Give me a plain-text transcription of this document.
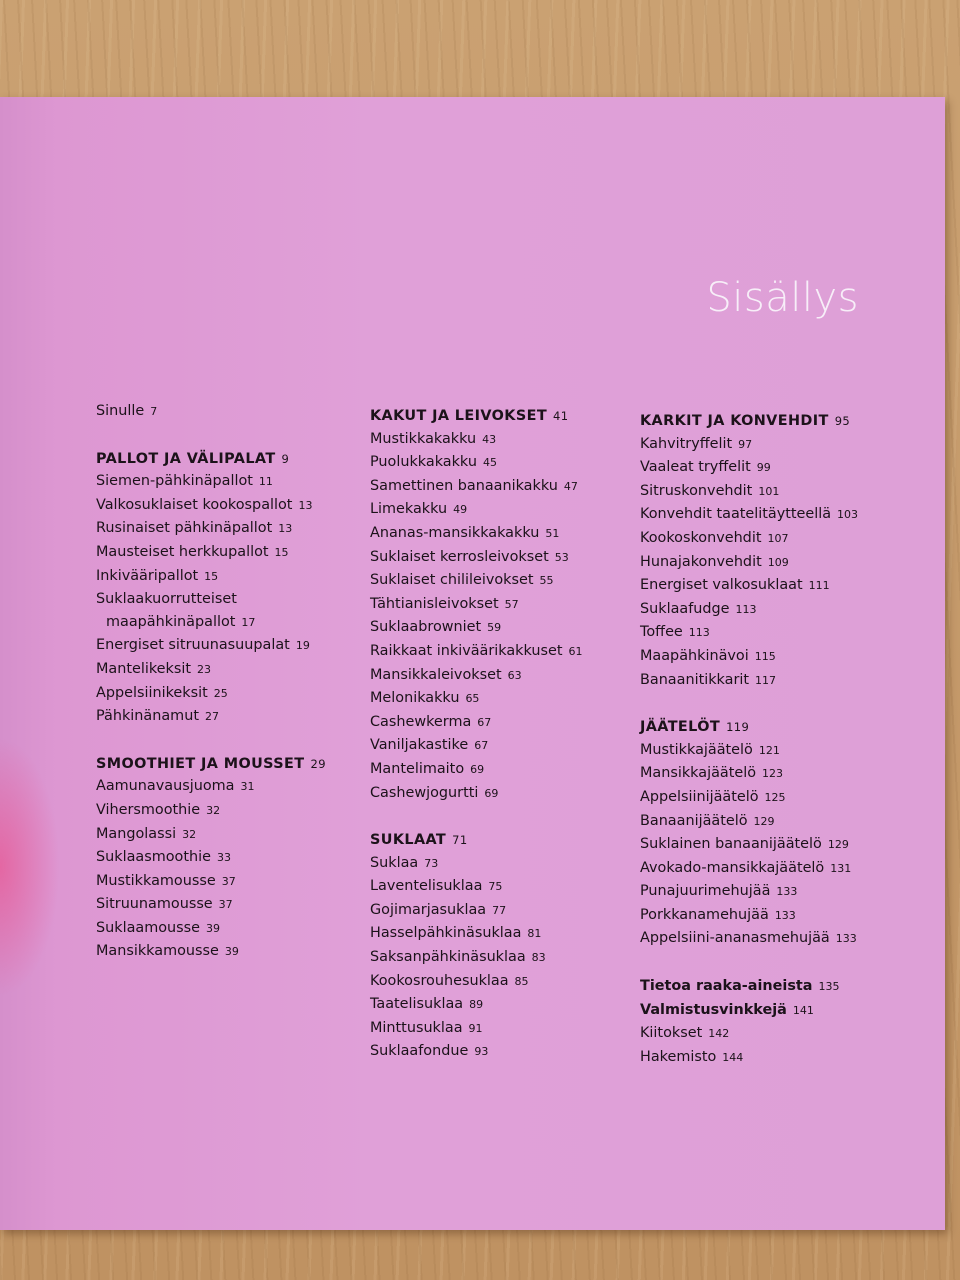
Sisällys
Sinulle 7
PALLOT JA VÄLIPALAT 9
Siemen-pähkinäpallot 11
Valkosuklaiset kookospallot 13
Rusinaiset pähkinäpallot 13
Mausteiset herkkupallot 15
Inkivääripallot 15
Suklaakuorrutteiset
maapähkinäpallot 17
Energiset sitruunasuupalat 19
Mantelikeksit 23
Appelsiinikeksit 25
Pähkinänamut 27
SMOOTHIET JA MOUSSET 29
Aamunavausjuoma 31
Vihersmoothie 32
Mangolassi 32
Suklaasmoothie 33
Mustikkamousse 37
Sitruunamousse 37
Suklaamousse 39
Mansikkamousse 39
KAKUT JA LEIVOKSET 41
Mustikkakakku 43
Puolukkakakku 45
Samettinen banaanikakku 47
Limekakku 49
Ananas-mansikkakakku 51
Suklaiset kerrosleivokset 53
Suklaiset chilileivokset 55
Tähtianisleivokset 57
Suklaabrowniet 59
Raikkaat inkiväärikakkuset 61
Mansikkaleivokset 63
Melonikakku 65
Cashewkerma 67
Vaniljakastike 67
Mantelimaito 69
Cashewjogurtti 69
SUKLAAT 71
Suklaa 73
Laventelisuklaa 75
Gojimarjasuklaa 77
Hasselpähkinäsuklaa 81
Saksanpähkinäsuklaa 83
Kookosrouhesuklaa 85
Taatelisuklaa 89
Minttusuklaa 91
Suklaafondue 93
KARKIT JA KONVEHDIT 95
Kahvitryffelit 97
Vaaleat tryffelit 99
Sitruskonvehdit 101
Konvehdit taatelitäytteellä 103
Kookoskonvehdit 107
Hunajakonvehdit 109
Energiset valkosuklaat 111
Suklaafudge 113
Toffee 113
Maapähkinävoi 115
Banaanitikkarit 117
JÄÄTELÖT 119
Mustikkajäätelö 121
Mansikkajäätelö 123
Appelsiinijäätelö 125
Banaanijäätelö 129
Suklainen banaanijäätelö 129
Avokado-mansikkajäätelö 131
Punajuurimehujää 133
Porkkanamehujää 133
Appelsiini-ananasmehujää 133
Tietoa raaka-aineista 135
Valmistusvinkkejä 141
Kiitokset 142
Hakemisto 144
